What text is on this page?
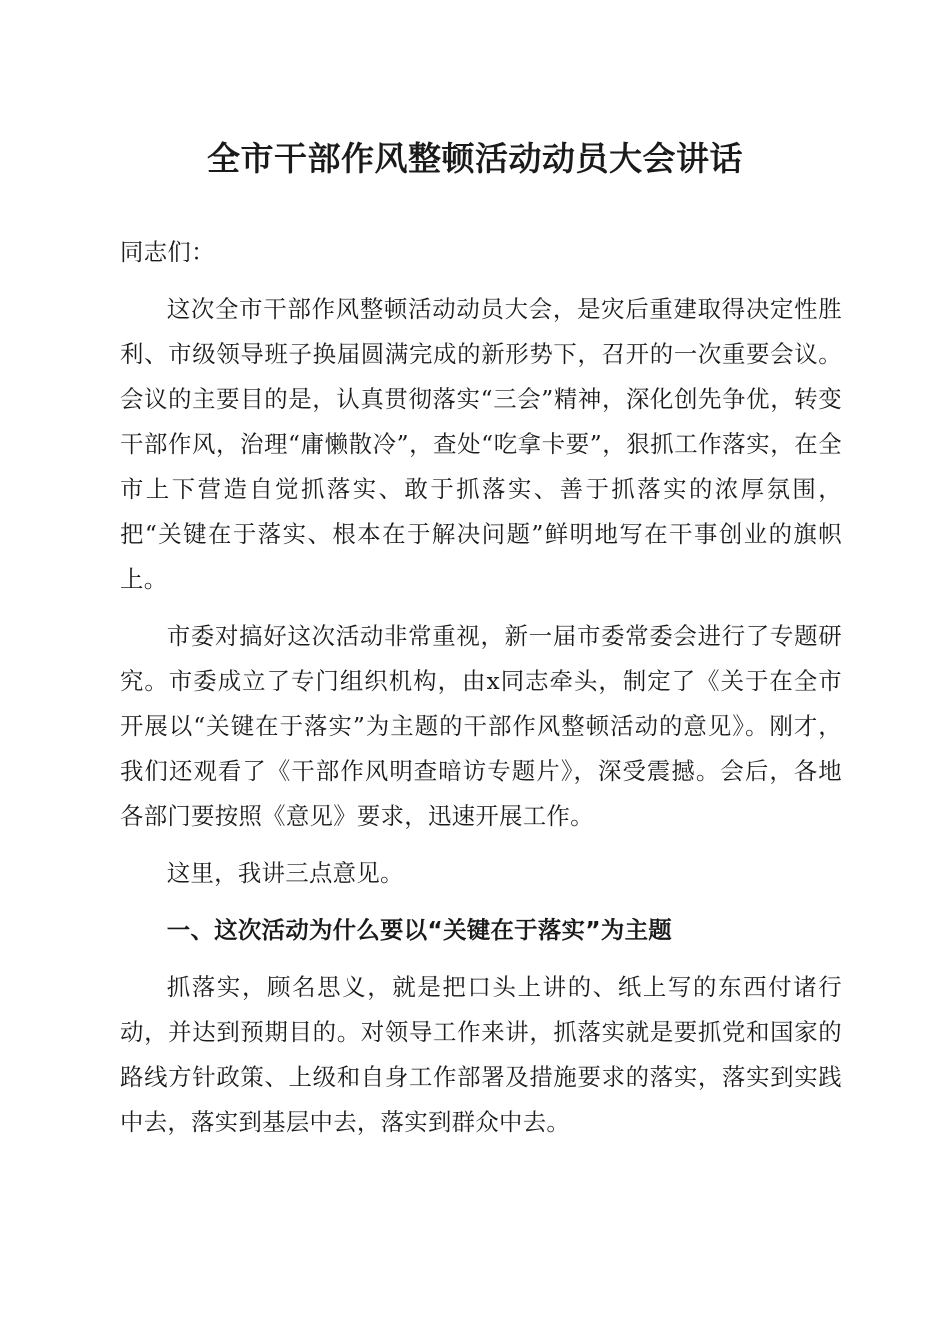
全市干部作风整顿活动动员大会讲话

同志们：

这次全市干部作风整顿活动动员大会，是灾后重建取得决定性胜利、市级领导班子换届圆满完成的新形势下，召开的一次重要会议。会议的主要目的是，认真贯彻落实“三会”精神，深化创先争优，转变干部作风，治理“庸懒散冷”，查处“吃拿卡要”，狠抓工作落实，在全市上下营造自觉抓落实、敢于抓落实、善于抓落实的浓厚氛围，把“关键在于落实、根本在于解决问题”鲜明地写在干事创业的旗帜上。

市委对搞好这次活动非常重视，新一届市委常委会进行了专题研究。市委成立了专门组织机构，由x同志牵头，制定了《关于在全市开展以“关键在于落实”为主题的干部作风整顿活动的意见》。刚才，我们还观看了《干部作风明查暗访专题片》，深受震撼。会后，各地各部门要按照《意见》要求，迅速开展工作。

这里，我讲三点意见。

一、这次活动为什么要以“关键在于落实”为主题

抓落实，顾名思义，就是把口头上讲的、纸上写的东西付诸行动，并达到预期目的。对领导工作来讲，抓落实就是要抓党和国家的路线方针政策、上级和自身工作部署及措施要求的落实，落实到实践中去，落实到基层中去，落实到群众中去。
